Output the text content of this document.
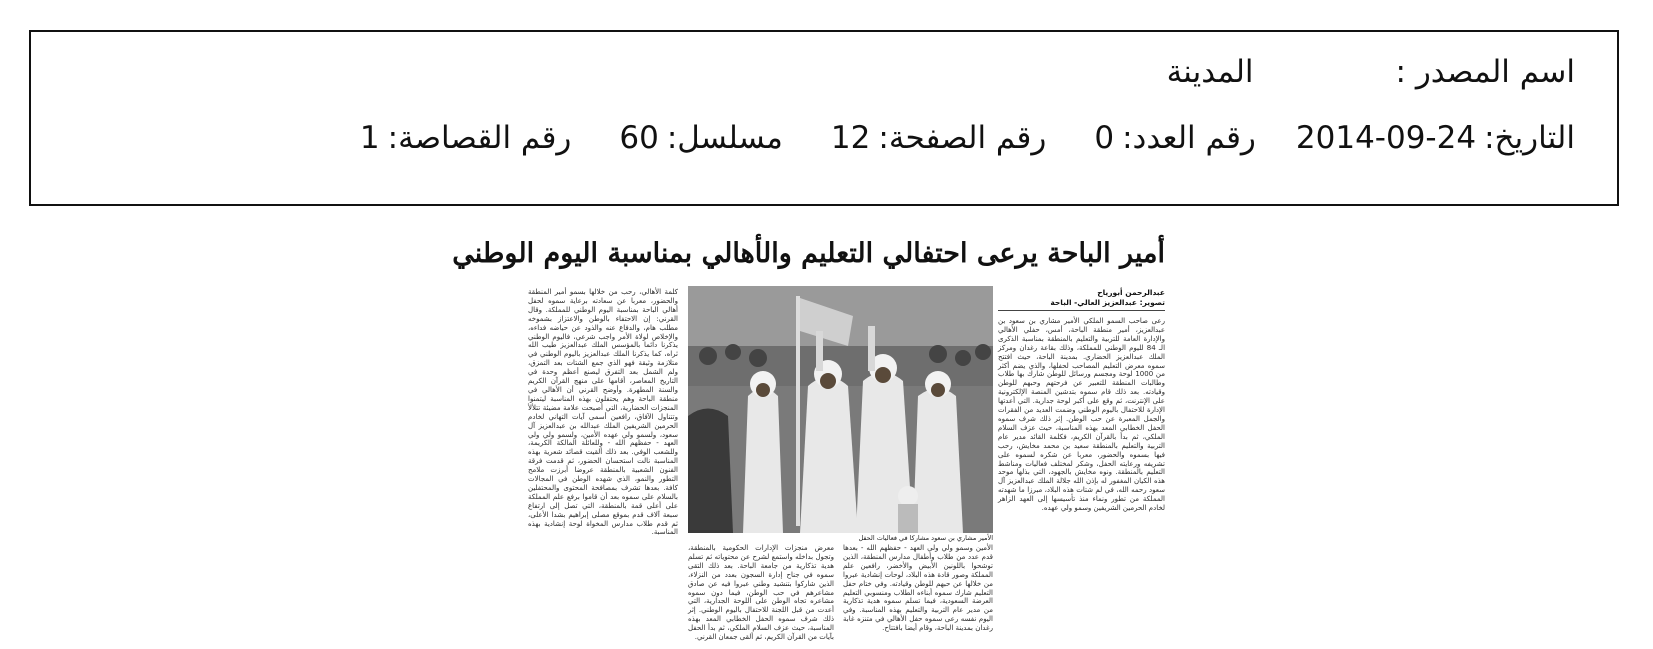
اسم المصدر :المدينة
التاريخ:2014-09-24رقم العدد:0رقم الصفحة:12مسلسل:60رقم القصاصة:1
أمير الباحة يرعى احتفالي التعليم والأهالي بمناسبة اليوم الوطني
عبدالرحمن أبورياح
تصوير: عبدالعزيز العالي- الباحة
رعى صاحب السمو الملكي الأمير مشاري بن سعود بن عبدالعزيز، أمير منطقة الباحة، أمس، حفلي الأهالي والإدارة العامة للتربية والتعليم بالمنطقة بمناسبة الذكرى الـ 84 لليوم الوطني للمملكة، وذلك بقاعة رغدان ومركز الملك عبدالعزيز الحضاري. بمدينة الباحة، حيث افتتح سموه معرض التعليم المصاحب لحفلها، والذي يضم أكثر من 1000 لوحة ومجسم ورسائل للوطن شارك بها طلاب وطالبات المنطقة للتعبير عن فرحتهم وحبهم للوطن وقيادته. بعد ذلك قام سموه بتدشين المنصة الإلكترونية على الإنترنت، ثم وقع على أكبر لوحة جدارية. التي أعدتها الإدارة للاحتفال باليوم الوطني وضمت العديد من الفقرات والجمل المعبرة عن حب الوطن. إثر ذلك شرف سموه الحفل الخطابي المعد بهذه المناسبة، حيث عزف السلام الملكي، ثم بدأ بالقرآن الكريم، فكلمة القائد مدير عام التربية والتعليم بالمنطقة سعيد بن محمد مخايش، رحب فيها بسموه والحضور، معربا عن شكره لسموه على تشريفه ورعايته الحفل، وشكر لمختلف فعاليات ومناشط التعليم بالمنطقة. ونوه مخايش بالجهود، التي بذلها موحد هذه الكيان المغفور له بإذن الله جلالة الملك عبدالعزيز آل سعود رحمه الله، في لم شتات هذه البلاد، مبرزا ما شهدته المملكة من تطور ونماء منذ تأسيسها إلى العهد الزاهر لخادم الحرمين الشريفين وسمو ولي عهده.
الأمير مشاري بن سعود مشاركا في فعاليات الحفل
الأمين وسمو ولي ولي العهد - حفظهم الله - بعدها قدم عدد من طلاب وأطفال مدارس المنطقة، الذين توشحوا باللونين الأبيض والأخضر، رافعين علم المملكة وصور قادة هذه البلاد، لوحات إنشادية عبروا من خلالها عن حبهم للوطن وقيادته. وفي ختام حفل التعليم شارك سموه أبناءه الطلاب ومنسوبي التعليم العرضة السعودية، فيما تسلم سموه هدية تذكارية من مدير عام التربية والتعليم بهذه المناسبة. وفي اليوم نفسه رعى سموه حفل الأهالي في متنزه غابة رغدان بمدينة الباحة، وقام أيضا بافتتاح.
معرض منجزات الإدارات الحكومية بالمنطقة، وتجول بداخله واستمع لشرح عن محتوياته ثم تسلم هدية تذكارية من جامعة الباحة. بعد ذلك التقى سموه في جناح إدارة السجون بعدد من النزلاء، الذين شاركوا بتنشيد وطني عبروا فيه عن صادق مشاعرهم في حب الوطن، فيما دون سموه مشاعره تجاه الوطن على اللوحة الجدارية، التي أعدت من قبل اللجنة للاحتفال باليوم الوطني. إثر ذلك شرف سموه الحفل الخطابي المعد بهذه المناسبة، حيث عزف السلام الملكي، ثم بدأ الحفل بآيات من القرآن الكريم، ثم ألقى جمعان القرني.
كلمة الأهالي، رحب من خلالها بسمو أمير المنطقة والحضور، معربا عن سعادته برعاية سموه لحفل أهالي الباحة بمناسبة اليوم الوطني للمملكة. وقال القرني: إن الاحتفاء بالوطن والاعتزاز بشموخه مطلب هام، والدفاع عنه والذود عن حياضه فداءه، والإخلاص لولاة الأمر واجب شرعي، فاليوم الوطني يذكرنا دائما بالمؤسس الملك عبدالعزيز طيب الله ثراه، كما يذكرنا الملك عبدالعزيز باليوم الوطني في متلازمة وثيقة فهو الذي جمع الشتات بعد التمزق، ولم الشمل بعد التفرق ليصنع أعظم وحدة في التاريخ المعاصر، أقامها على منهج القرآن الكريم والسنة المطهرة. وأوضح القرني أن الأهالي في منطقة الباحة وهم يحتفلون بهذه المناسبة ليتمنوا المنجزات الحضارية، التي أصبحت علامة مضيئة تتلألأ وتتناول الآفاق، رافعين أسمى آيات التهاني لخادم الحرمين الشريفين الملك عبدالله بن عبدالعزيز آل سعود، ولسمو ولي عهده الأمين، ولسمو ولي ولي العهد - حفظهم الله - وللعائلة المالكة الكريمة، وللشعب الوفي. بعد ذلك ألقيت قصائد شعرية بهذه المناسبة نالت استحسان الحضور، ثم قدمت فرقة الفنون الشعبية بالمنطقة عروضا أبرزت ملامح التطور والنمو، الذي شهده الوطن في المجالات كافة. بعدها تشرف بمصافحة المحتوى والمحتفلين بالسلام على سموه بعد أن قاموا برفع علم المملكة على أعلى قمة بالمنطقة، التي تصل إلى ارتفاع سبعة آلاف قدم بموقع مصلى إبراهيم بشدا الأعلى، ثم قدم طلاب مدارس المخواة لوحة إنشادية بهذه المناسبة.
